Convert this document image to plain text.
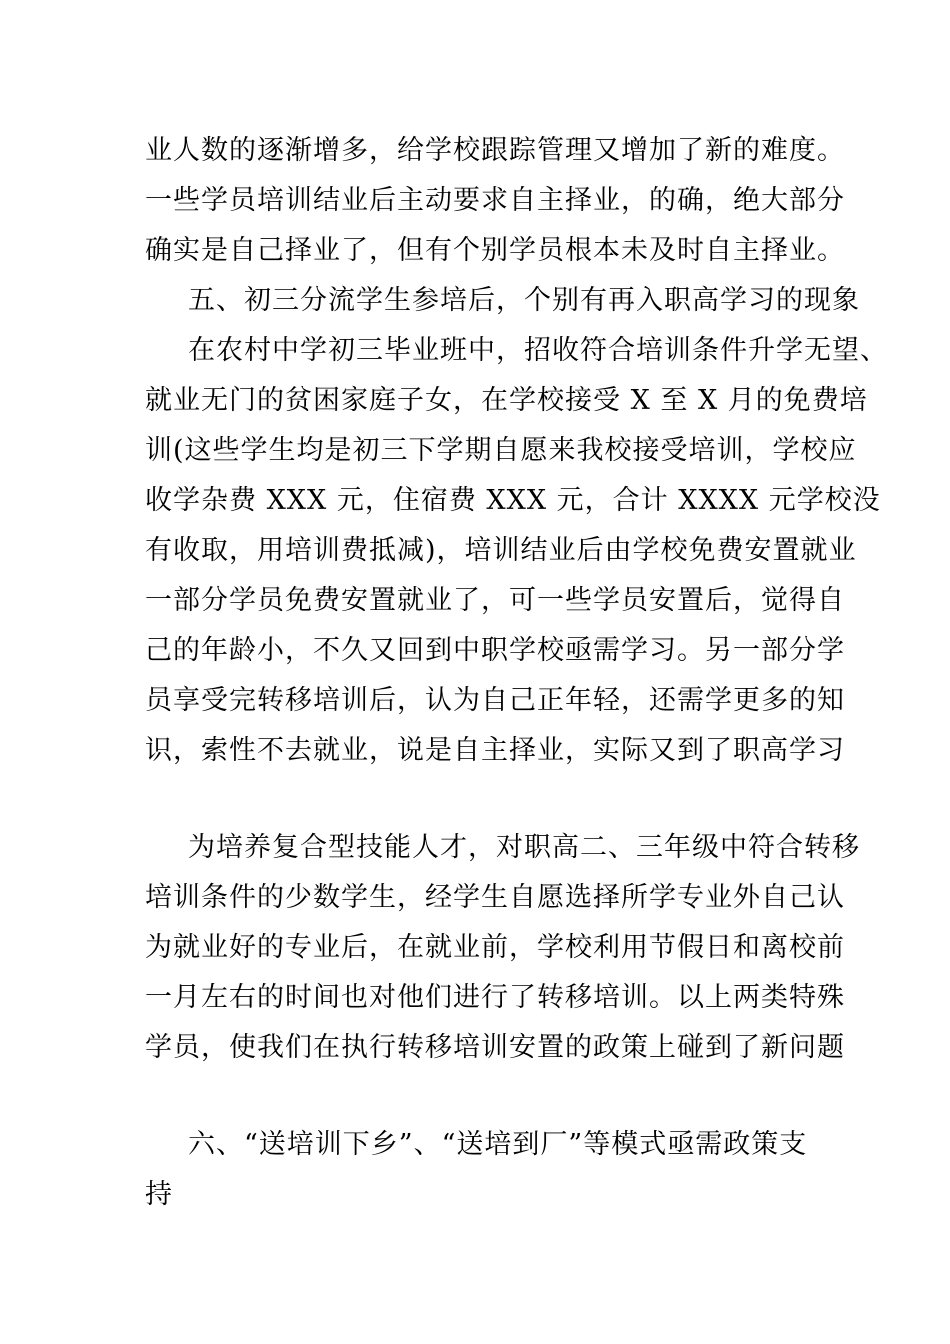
业人数的逐渐增多，给学校跟踪管理又增加了新的难度。
一些学员培训结业后主动要求自主择业，的确，绝大部分
确实是自己择业了，但有个别学员根本未及时自主择业。
五、初三分流学生参培后，个别有再入职高学习的现象
在农村中学初三毕业班中，招收符合培训条件升学无望、
就业无门的贫困家庭子女，在学校接受 X 至 X 月的免费培
训(这些学生均是初三下学期自愿来我校接受培训，学校应
收学杂费 XXX 元，住宿费 XXX 元，合计 XXXX 元学校没
有收取，用培训费抵减)，培训结业后由学校免费安置就业
一部分学员免费安置就业了，可一些学员安置后，觉得自
己的年龄小，不久又回到中职学校亟需学习。另一部分学
员享受完转移培训后，认为自己正年轻，还需学更多的知
识，索性不去就业，说是自主择业，实际又到了职高学习
为培养复合型技能人才，对职高二、三年级中符合转移
培训条件的少数学生，经学生自愿选择所学专业外自己认
为就业好的专业后，在就业前，学校利用节假日和离校前
一月左右的时间也对他们进行了转移培训。以上两类特殊
学员，使我们在执行转移培训安置的政策上碰到了新问题
六、“送培训下乡”、“送培到厂”等模式亟需政策支
持
